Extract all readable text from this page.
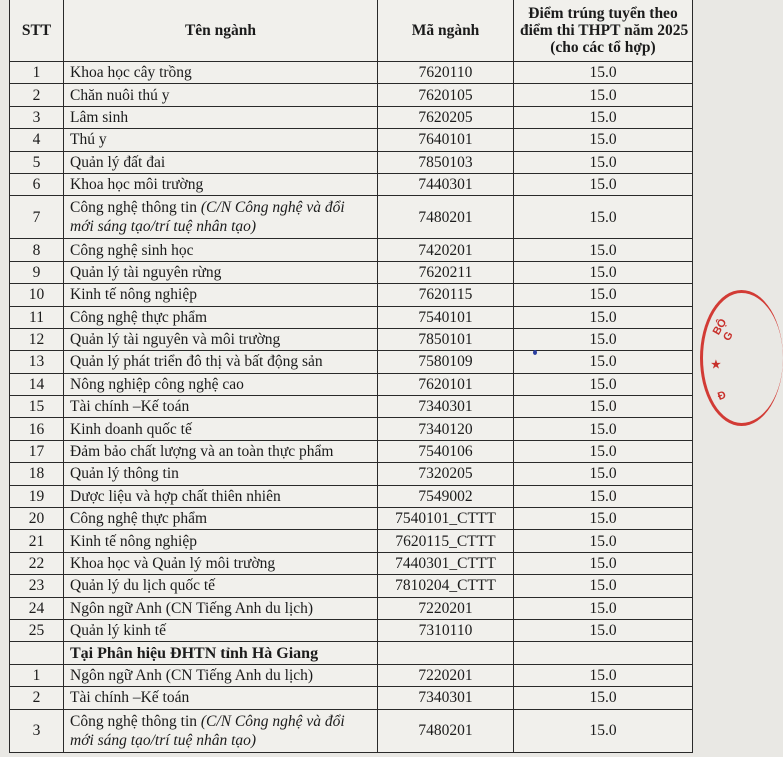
STT	Tên ngành	Mã ngành	Điểm trúng tuyển theo
điểm thi THPT năm 2025
(cho các tổ hợp)

1	Khoa học cây trồng	7620110	15.0
2	Chăn nuôi thú y	7620105	15.0
3	Lâm sinh	7620205	15.0
4	Thú y	7640101	15.0
5	Quản lý đất đai	7850103	15.0
6	Khoa học môi trường	7440301	15.0
7	Công nghệ thông tin (C/N Công nghệ và đổi mới sáng tạo/trí tuệ nhân tạo)	7480201	15.0
8	Công nghệ sinh học	7420201	15.0
9	Quản lý tài nguyên rừng	7620211	15.0
10	Kinh tế nông nghiệp	7620115	15.0
11	Công nghệ thực phẩm	7540101	15.0
12	Quản lý tài nguyên và môi trường	7850101	15.0
13	Quản lý phát triển đô thị và bất động sản	7580109	15.0
14	Nông nghiệp công nghệ cao	7620101	15.0
15	Tài chính –Kế toán	7340301	15.0
16	Kinh doanh quốc tế	7340120	15.0
17	Đảm bảo chất lượng và an toàn thực phẩm	7540106	15.0
18	Quản lý thông tin	7320205	15.0
19	Dược liệu và hợp chất thiên nhiên	7549002	15.0
20	Công nghệ thực phẩm	7540101_CTTT	15.0
21	Kinh tế nông nghiệp	7620115_CTTT	15.0
22	Khoa học và Quản lý môi trường	7440301_CTTT	15.0
23	Quản lý du lịch quốc tế	7810204_CTTT	15.0
24	Ngôn ngữ Anh (CN Tiếng Anh du lịch)	7220201	15.0
25	Quản lý kinh tế	7310110	15.0
	Tại Phân hiệu ĐHTN tỉnh Hà Giang		
1	Ngôn ngữ Anh (CN Tiếng Anh du lịch)	7220201	15.0
2	Tài chính –Kế toán	7340301	15.0
3	Công nghệ thông tin (C/N Công nghệ và đổi mới sáng tạo/trí tuệ nhân tạo)	7480201	15.0
BỘ G
★
Đ
